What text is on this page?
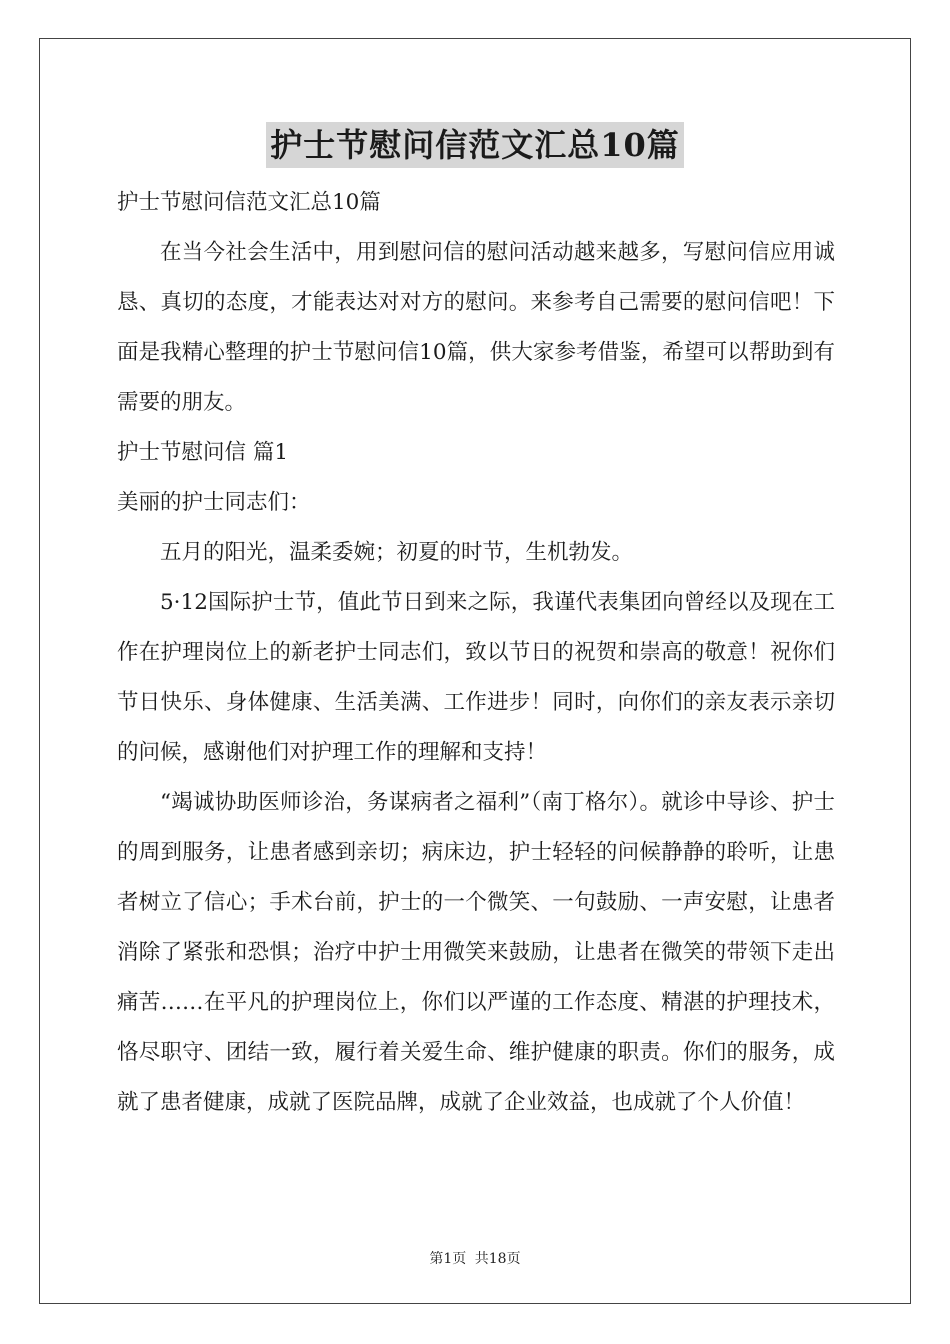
护士节慰问信范文汇总10篇

护士节慰问信范文汇总10篇

在当今社会生活中，用到慰问信的慰问活动越来越多，写慰问信应用诚恳、真切的态度，才能表达对对方的慰问。来参考自己需要的慰问信吧！下面是我精心整理的护士节慰问信10篇，供大家参考借鉴，希望可以帮助到有需要的朋友。

护士节慰问信 篇1

美丽的护士同志们：

五月的阳光，温柔委婉；初夏的时节，生机勃发。

5·12国际护士节，值此节日到来之际，我谨代表集团向曾经以及现在工作在护理岗位上的新老护士同志们，致以节日的祝贺和崇高的敬意！祝你们节日快乐、身体健康、生活美满、工作进步！同时，向你们的亲友表示亲切的问候，感谢他们对护理工作的理解和支持！

“竭诚协助医师诊治，务谋病者之福利”（南丁格尔）。就诊中导诊、护士的周到服务，让患者感到亲切；病床边，护士轻轻的问候静静的聆听，让患者树立了信心；手术台前，护士的一个微笑、一句鼓励、一声安慰，让患者消除了紧张和恐惧；治疗中护士用微笑来鼓励，让患者在微笑的带领下走出痛苦……在平凡的护理岗位上，你们以严谨的工作态度、精湛的护理技术，恪尽职守、团结一致，履行着关爱生命、维护健康的职责。你们的服务，成就了患者健康，成就了医院品牌，成就了企业效益，也成就了个人价值！

第1页 共18页
